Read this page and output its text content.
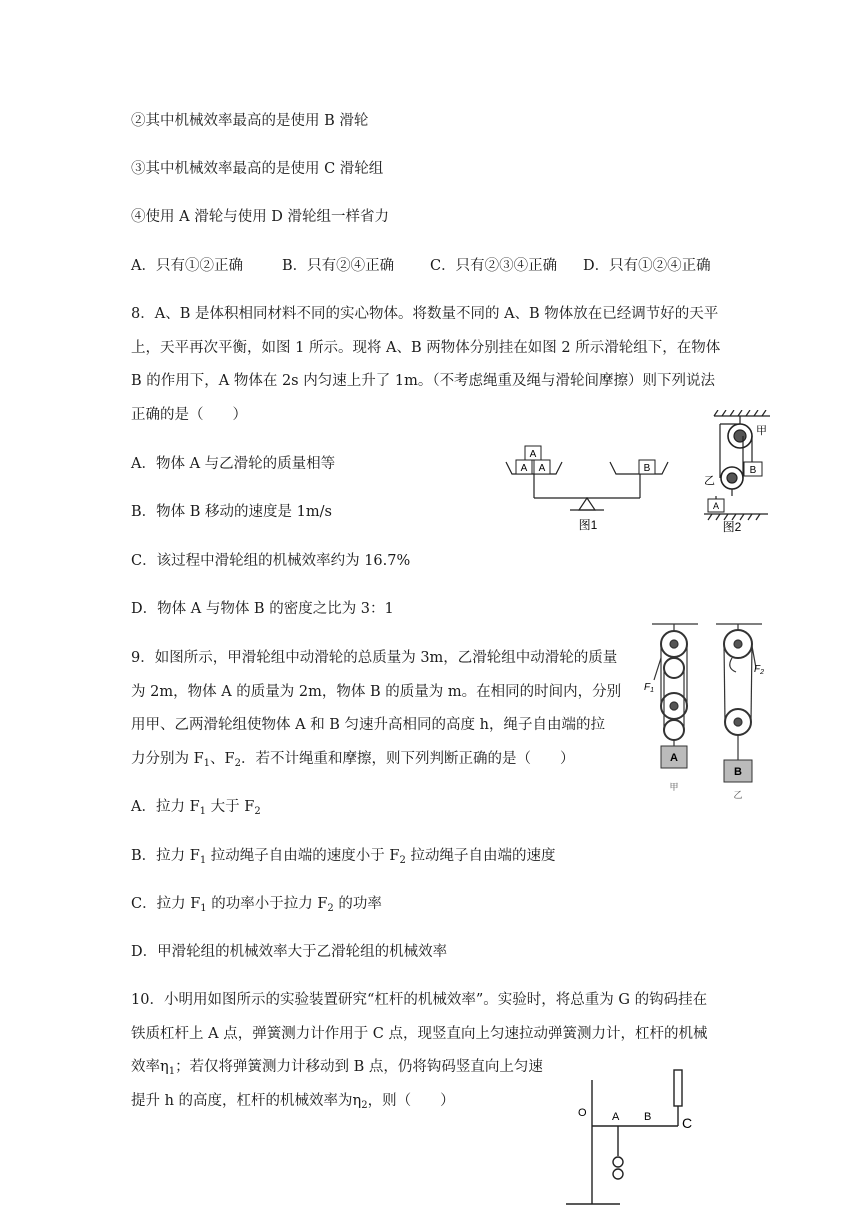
②其中机械效率最高的是使用 B 滑轮
③其中机械效率最高的是使用 C 滑轮组
④使用 A 滑轮与使用 D 滑轮组一样省力
A．只有①②正确	B．只有②④正确 C．只有②③④正确 D．只有①②④正确
8．A、B 是体积相同材料不同的实心物体。将数量不同的 A、B 物体放在已经调节好的天平
上，天平再次平衡，如图 1 所示。现将 A、B 两物体分别挂在如图 2 所示滑轮组下，在物体
B 的作用下，A 物体在 2s 内匀速上升了 1m。（不考虑绳重及绳与滑轮间摩擦）则下列说法
正确的是（　　）
A．物体 A 与乙滑轮的质量相等
B．物体 B 移动的速度是 1m/s
C．该过程中滑轮组的机械效率约为 16.7%
D．物体 A 与物体 B 的密度之比为 3：1
A A
A
B
图1
B
A
甲
乙
图2
9．如图所示，甲滑轮组中动滑轮的总质量为 3m，乙滑轮组中动滑轮的质量
为 2m，物体 A 的质量为 2m，物体 B 的质量为 m。在相同的时间内，分别
用甲、乙两滑轮组使物体 A 和 B 匀速升高相同的高度 h，绳子自由端的拉
力分别为 $F_1$、$F_2$．若不计绳重和摩擦，则下列判断正确的是（　　）
A．拉力 $F_1$ 大于 $F_2$
B．拉力 $F_1$ 拉动绳子自由端的速度小于 $F_2$ 拉动绳子自由端的速度
C．拉力 $F_1$ 的功率小于拉力 $F_2$ 的功率
D．甲滑轮组的机械效率大于乙滑轮组的机械效率
A
B
$F_1$
$F_2$
甲
乙
10．小明用如图所示的实验装置研究“杠杆的机械效率”。实验时，将总重为 G 的钩码挂在
铁质杠杆上 A 点，弹簧测力计作用于 C 点，现竖直向上匀速拉动弹簧测力计，杠杆的机械
效率$\eta_1$；若仅将弹簧测力计移动到 B 点，仍将钩码竖直向上匀速
提升 h 的高度，杠杆的机械效率为$\eta_2$，则（　　）
O A B C
